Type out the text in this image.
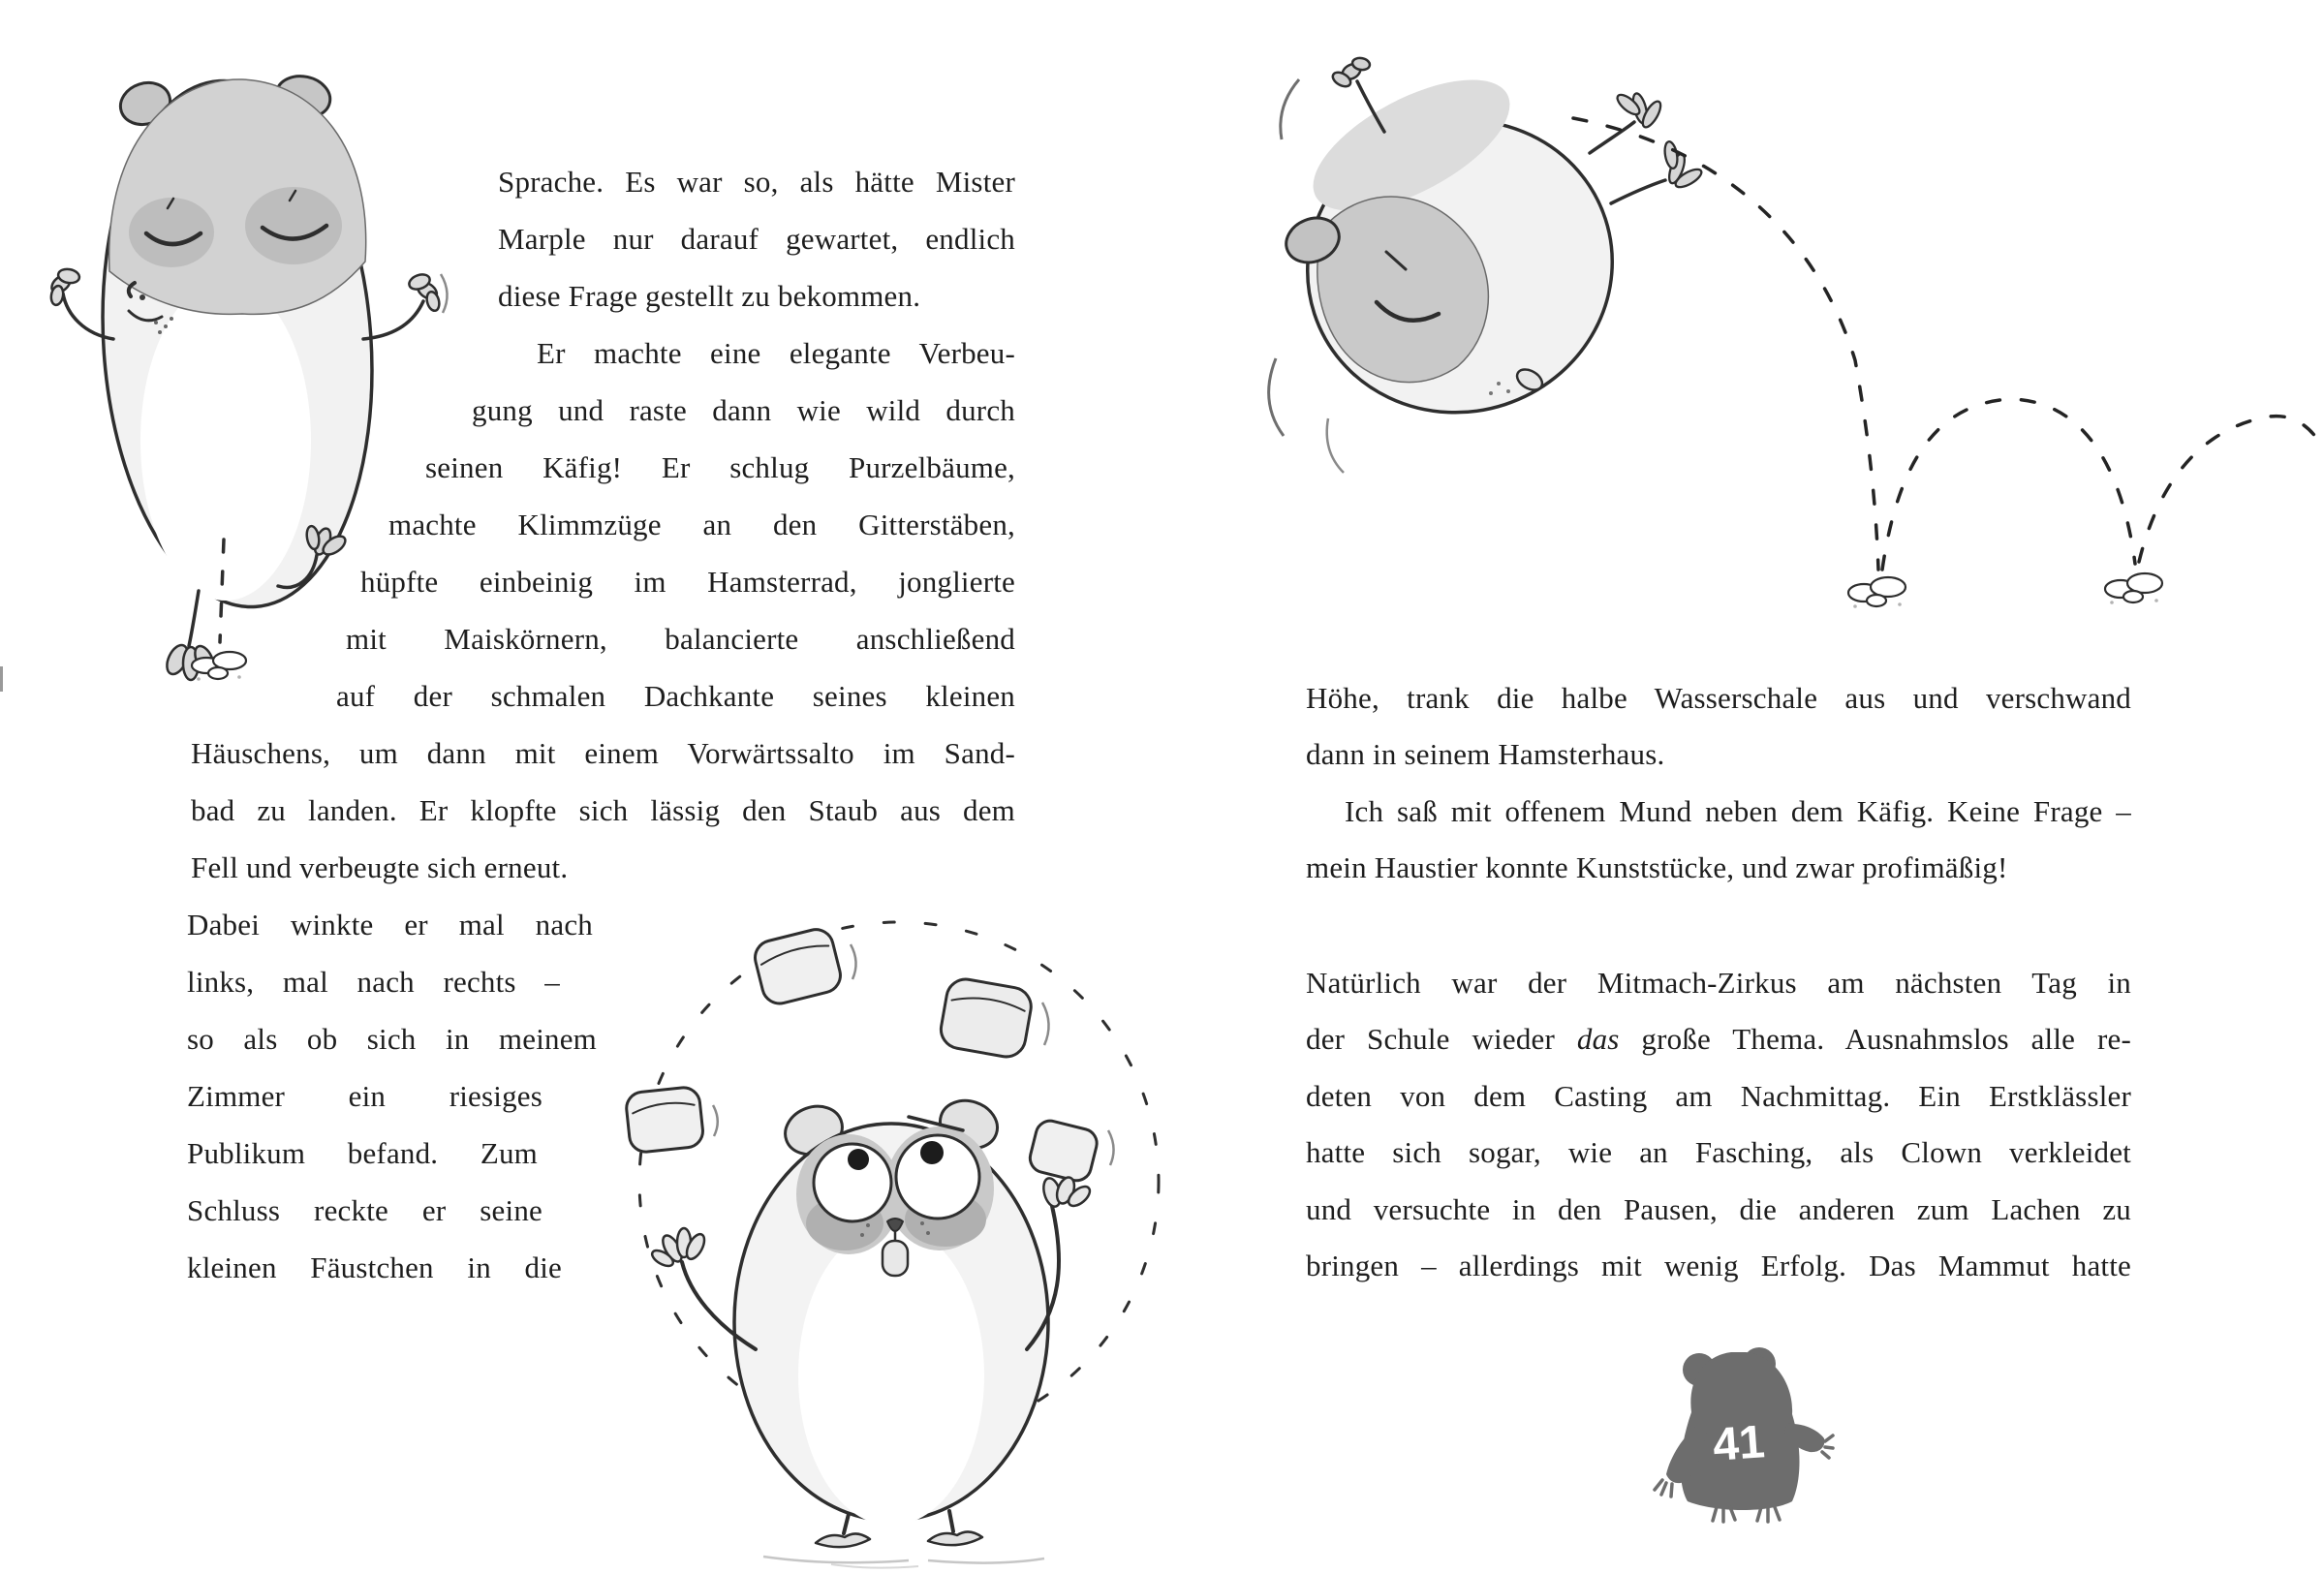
Sprache. Es war so, als hätte Mister
Marple nur darauf gewartet, endlich
diese Frage gestellt zu bekommen.
Er machte eine elegante Verbeu-
gung und raste dann wie wild durch
seinen Käfig! Er schlug Purzelbäume,
machte Klimmzüge an den Gitterstäben,
hüpfte einbeinig im Hamsterrad, jonglierte
mit Maiskörnern, balancierte anschließend
auf der schmalen Dachkante seines kleinen
Häuschens, um dann mit einem Vorwärtssalto im Sand-
bad zu landen. Er klopfte sich lässig den Staub aus dem
Fell und verbeugte sich erneut.
Dabei winkte er mal nach
links, mal nach rechts –
so als ob sich in meinem
Zimmer ein riesiges
Publikum befand. Zum
Schluss reckte er seine
kleinen Fäustchen in die
Höhe, trank die halbe Wasserschale aus und verschwand
dann in seinem Hamsterhaus.
Ich saß mit offenem Mund neben dem Käfig. Keine Frage –
mein Haustier konnte Kunststücke, und zwar profimäßig!
Natürlich war der Mitmach-Zirkus am nächsten Tag in
der Schule wieder das große Thema. Ausnahmslos alle re-
deten von dem Casting am Nachmittag. Ein Erstklässler
hatte sich sogar, wie an Fasching, als Clown verkleidet
und versuchte in den Pausen, die anderen zum Lachen zu
bringen – allerdings mit wenig Erfolg. Das Mammut hatte
41
